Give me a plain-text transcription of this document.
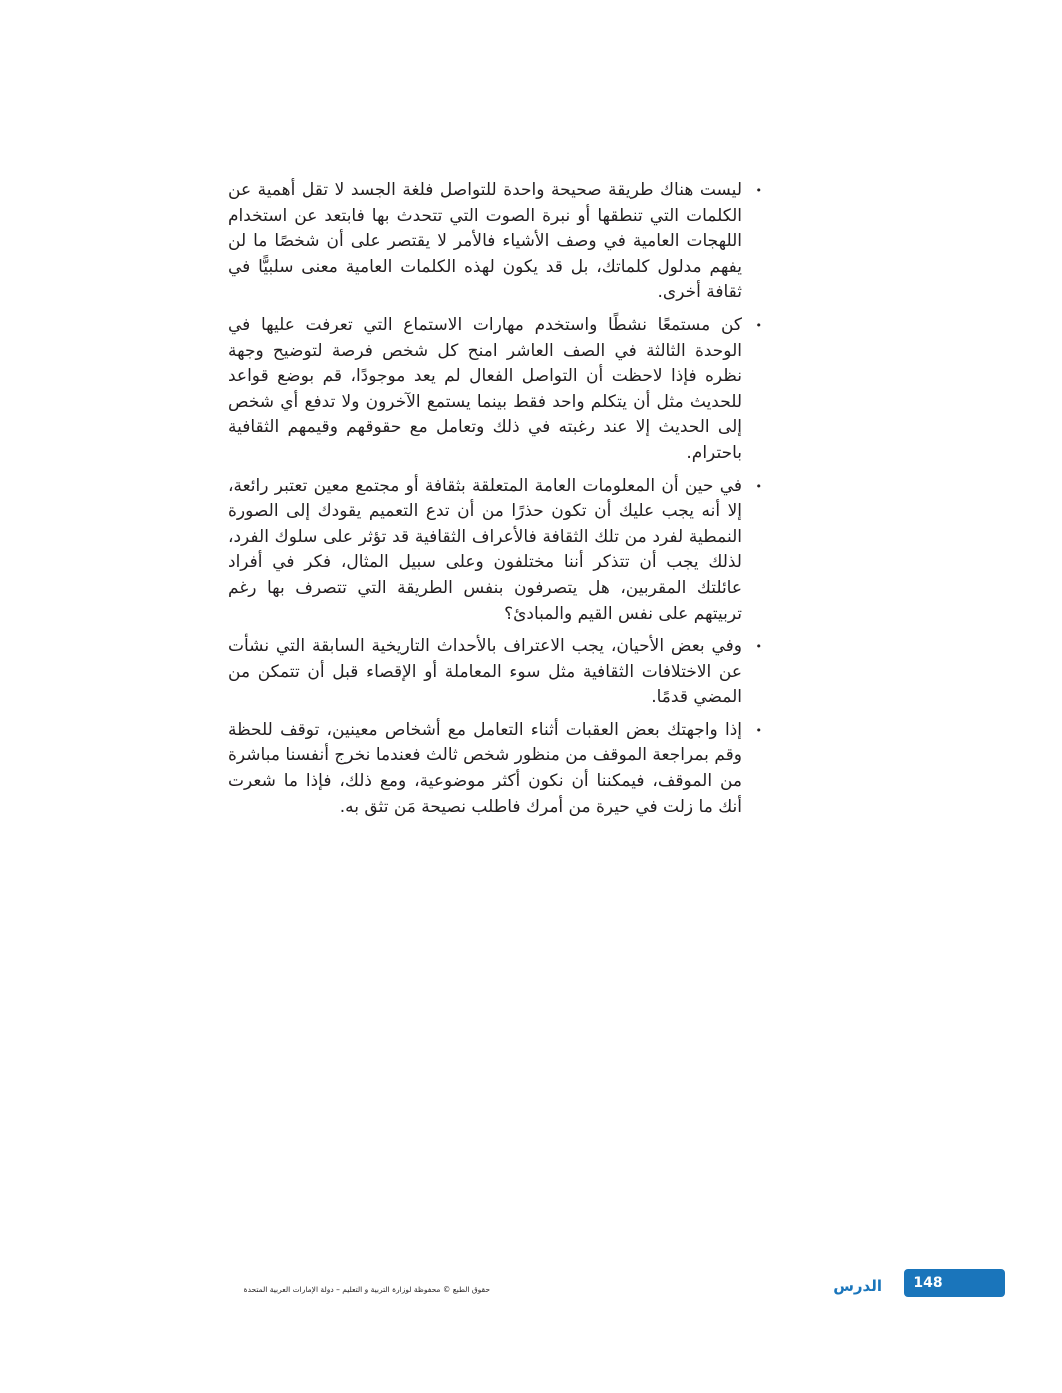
•
ليست هناك طريقة صحيحة واحدة للتواصل فلغة الجسد لا تقل أهمية عن الكلمات التي تنطقها أو نبرة الصوت التي تتحدث بها فابتعد عن استخدام اللهجات العامية في وصف الأشياء فالأمر لا يقتصر على أن شخصًا ما لن يفهم مدلول كلماتك، بل قد يكون لهذه الكلمات العامية معنى سلبيًّا في ثقافة أخرى.
•
كن مستمعًا نشطًا واستخدم مهارات الاستماع التي تعرفت عليها في الوحدة الثالثة في الصف العاشر امنح كل شخص فرصة لتوضيح وجهة نظره فإذا لاحظت أن التواصل الفعال لم يعد موجودًا، قم بوضع قواعد للحديث مثل أن يتكلم واحد فقط بينما يستمع الآخرون ولا تدفع أي شخص إلى الحديث إلا عند رغبته في ذلك وتعامل مع حقوقهم وقيمهم الثقافية باحترام.
•
في حين أن المعلومات العامة المتعلقة بثقافة أو مجتمع معين تعتبر رائعة، إلا أنه يجب عليك أن تكون حذرًا من أن تدع التعميم يقودك إلى الصورة النمطية لفرد من تلك الثقافة فالأعراف الثقافية قد تؤثر على سلوك الفرد، لذلك يجب أن تتذكر أننا مختلفون وعلى سبيل المثال، فكر في أفراد عائلتك المقربين، هل يتصرفون بنفس الطريقة التي تتصرف بها رغم تربيتهم على نفس القيم والمبادئ؟
•
وفي بعض الأحيان، يجب الاعتراف بالأحداث التاريخية السابقة التي نشأت عن الاختلافات الثقافية مثل سوء المعاملة أو الإقصاء قبل أن تتمكن من المضي قدمًا.
•
إذا واجهتك بعض العقبات أثناء التعامل مع أشخاص معينين، توقف للحظة وقم بمراجعة الموقف من منظور شخص ثالث فعندما نخرج أنفسنا مباشرة من الموقف، فيمكننا أن نكون أكثر موضوعية، ومع ذلك، فإذا ما شعرت أنك ما زلت في حيرة من أمرك فاطلب نصيحة مَن تثق به.
حقوق الطبع © محفوظة لوزارة التربية و التعليم – دولة الإمارات العربية المتحدة	الدرس	148
